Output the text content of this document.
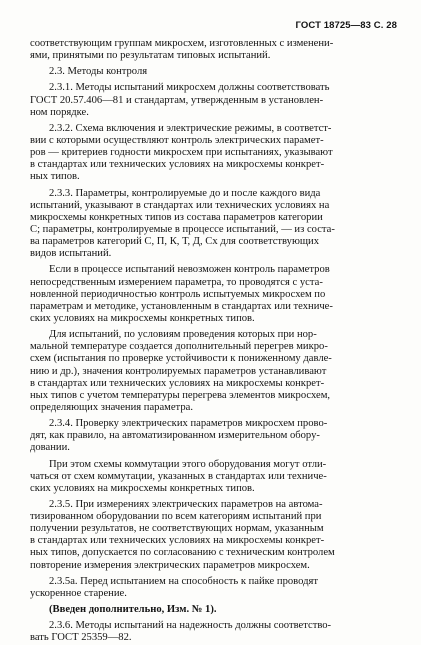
ГОСТ 18725—83 С. 28
соответствующим группам микросхем, изготовленных с изменени-
ями, принятыми по результатам типовых испытаний.
2.3. Методы контроля
2.3.1. Методы испытаний микросхем должны соответствовать
ГОСТ 20.57.406—81 и стандартам, утвержденным в установлен-
ном порядке.
2.3.2. Схема включения и электрические режимы, в соответст-
вии с которыми осуществляют контроль электрических парамет-
ров — критериев годности микросхем при испытаниях, указывают
в стандартах или технических условиях на микросхемы конкрет-
ных типов.
2.3.3. Параметры, контролируемые до и после каждого вида
испытаний, указывают в стандартах или технических условиях на
микросхемы конкретных типов из состава параметров категории
С; параметры, контролируемые в процессе испытаний, — из соста-
ва параметров категорий С, П, К, Т, Д, Сх для соответствующих
видов испытаний.
Если в процессе испытаний невозможен контроль параметров
непосредственным измерением параметра, то проводятся с уста-
новленной периодичностью контроль испытуемых микросхем по
параметрам и методике, установленным в стандартах или техниче-
ских условиях на микросхемы конкретных типов.
Для испытаний, по условиям проведения которых при нор-
мальной температуре создается дополнительный перегрев микро-
схем (испытания по проверке устойчивости к пониженному давле-
нию и др.), значения контролируемых параметров устанавливают
в стандартах или технических условиях на микросхемы конкрет-
ных типов с учетом температуры перегрева элементов микросхем,
определяющих значения параметра.
2.3.4. Проверку электрических параметров микросхем прово-
дят, как правило, на автоматизированном измерительном обору-
довании.
При этом схемы коммутации этого оборудования могут отли-
чаться от схем коммутации, указанных в стандартах или техниче-
ских условиях на микросхемы конкретных типов.
2.3.5. При измерениях электрических параметров на автома-
тизированном оборудовании по всем категориям испытаний при
получении результатов, не соответствующих нормам, указанным
в стандартах или технических условиях на микросхемы конкрет-
ных типов, допускается по согласованию с техническим контролем
повторение измерения электрических параметров микросхем.
2.3.5а. Перед испытанием на способность к пайке проводят
ускоренное старение.
(Введен дополнительно, Изм. № 1).
2.3.6. Методы испытаний на надежность должны соответство-
вать ГОСТ 25359—82.
